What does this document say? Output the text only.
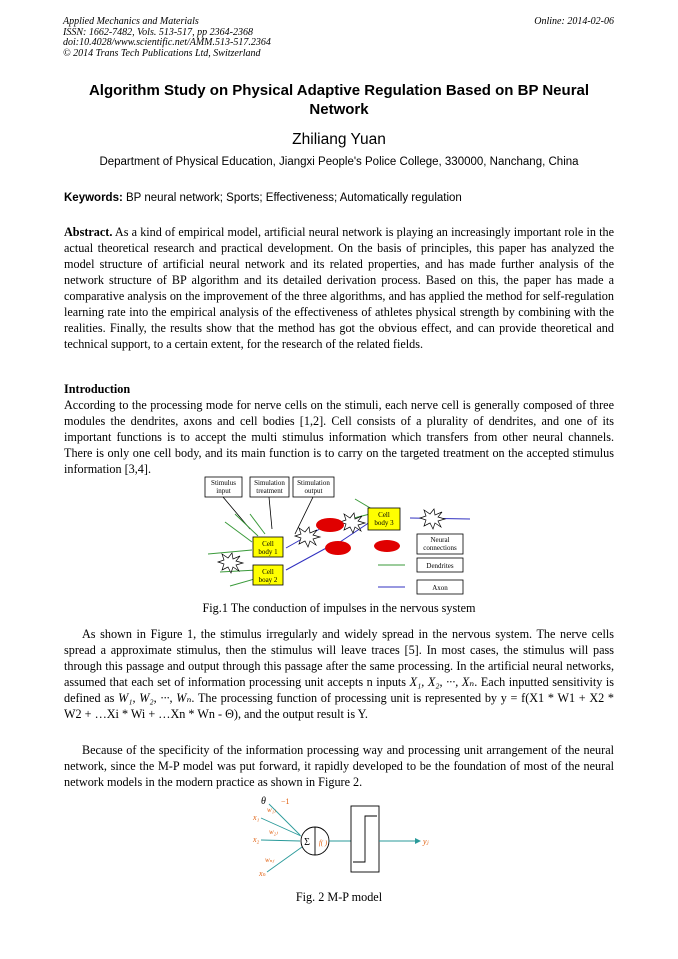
Applied Mechanics and Materials
ISSN: 1662-7482, Vols. 513-517, pp 2364-2368
doi:10.4028/www.scientific.net/AMM.513-517.2364
© 2014 Trans Tech Publications Ltd, Switzerland
Online: 2014-02-06
Algorithm Study on Physical Adaptive Regulation Based on BP Neural Network
Zhiliang Yuan
Department of Physical Education, Jiangxi People's Police College, 330000, Nanchang, China
Keywords: BP neural network; Sports; Effectiveness; Automatically regulation
Abstract. As a kind of empirical model, artificial neural network is playing an increasingly important role in the actual theoretical research and practical development. On the basis of principles, this paper has analyzed the model structure of artificial neural network and its related properties, and has made further analysis of the network structure of BP algorithm and its detailed derivation process. Based on this, the paper has made a comparative analysis on the improvement of the three algorithms, and has applied the method for self-regulation learning rate into the empirical analysis of the effectiveness of athletes physical strength by combining with the realities. Finally, the results show that the method has got the obvious effect, and can provide theoretical and technical support, to a certain extent, for the research of the related fields.
Introduction
According to the processing mode for nerve cells on the stimuli, each nerve cell is generally composed of three modules the dendrites, axons and cell bodies [1,2]. Cell consists of a plurality of dendrites, and one of its important functions is to accept the multi stimulus information which transfers from other neural channels. There is only one cell body, and its main function is to carry on the targeted treatment on the accepted stimulus information [3,4].
Stimulus
input
Simulation
treatment
Stimulation
output
Cell
body 1
Cell
boay 2
Cell
body 3
Neural
connections
Dendrites
Axon
Fig.1 The conduction of impulses in the nervous system
As shown in Figure 1, the stimulus irregularly and widely spread in the nervous system. The nerve cells spread a approximate stimulus, then the stimulus will leave traces [5]. In most cases, the stimulus will pass through this passage and output through this passage after the same processing. In the artificial neural networks, assumed that each set of information processing unit accepts n inputs X₁, X₂, ···, Xₙ. Each inputted sensitivity is defined as W₁, W₂, ···, Wₙ. The processing function of processing unit is represented by y = f(X1 * W1 + X2 * W2 + …Xi * Wi + …Xn * Wn - Θ), and the output result is Y.
Because of the specificity of the information processing way and processing unit arrangement of the neural network, since the M-P model was put forward, it rapidly developed to be the foundation of most of the neural network models in the modern practice as shown in Figure 2.
θ −1
x₁
x₂
xₙ
w₁ⱼ
w₂ⱼ
wₙⱼ
Σ f( )	yⱼ
Fig. 2 M-P model
